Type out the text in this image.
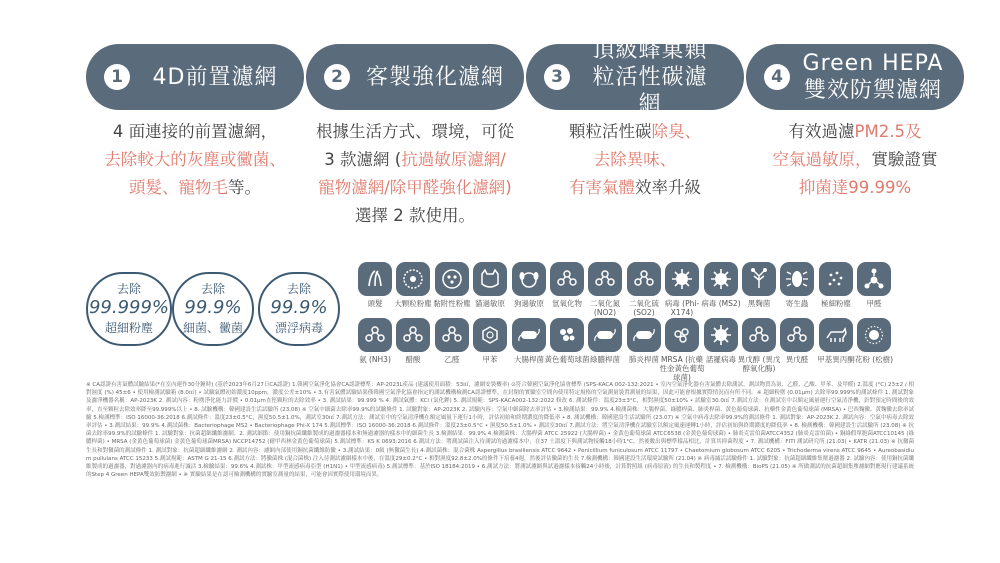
1	4D前置濾網	2	客製強化濾網	3
頂級蜂巢顆粒活性碳濾網
4
Green HEPA雙效防禦濾網
4 面連接的前置濾網，
去除較大的灰塵或黴菌、
頭髮、寵物毛等。
根據生活方式、環境，可從
3 款濾網 (抗過敏原濾網/
寵物濾網/除甲醛強化濾網)
選擇 2 款使用。
顆粒活性碳除臭、
去除異味、
有害氣體效率升級
有效過濾PM2.5及
空氣過敏原，實驗證實
抑菌達99.99%
去除
99.999%
超細粉塵
去除
99.9%
細菌、黴菌
去除
99.9%
漂浮病毒
頭髮	大顆粒粉塵 黏附性粉塵 貓過敏原	狗過敏原	氫氧化物	二氧化氮 (NO2)
二氧化硫 (SO2)
病毒 (Phi-X174)
病毒 (MS2) 黑麴菌	寄生蟲	極細粉塵	甲醛
氨 (NH3)	醋酸	乙醛	甲苯	大腸桿菌 黃色葡萄球菌 綠膿桿菌	肺炎桿菌 MRSA (抗藥性金黃色葡萄球菌)
諾羅病毒 異戊醇 (異戊醇氧化酶)
異戊醛	甲基異丙酮 花粉 (松樹)
※ CA認證有害氣體試驗結果(*在室內運作30分鐘時) (基於2023年6月27日CA認證) 1.韓國空氣淨化協會CA認證標準：AP-2023L產品 (建議使用面積：53㎡，濾網安裝概率) ⊙符合韓國空氣淨化協會標準 (SPS-KACA 002-132:2021 • 室內空氣淨化器有害氣體去除測試，測試物質為氨、乙醛、乙酸、甲苯、及甲醛) 2.溫度 (°C) 23±2 / 相對濕度 (%) 45±6 • 使用檢測試驗箱 (8.0㎥) • 試驗氣體初始濃度10ppm，濃度公差±10% • 3.有害氣體試驗結果僅韓國空氣淨化協會指定的測試機構檢測CA認證標準，在封閉的實驗室空間內使用特定規格的空氣測量裝置測量的結果，因此可能會根據實際情況而有所不同。※ 超細粉塵 (0.01µm) 去除率99.999%的測試條件 1. 測試對象及濾淨機器名稱：AP-2023K 2. 測試內容：粉塵淨化能力評價 • 0.01µm直徑顆粒的去除效率 • 3. 測試結果：99.999 % 4. 測試氣體：KCl (氯化鉀) 5. 測試規範：SPS-KACA002-132:2022 修改 6. 測試條件：溫度23±3°C，相對濕度50±10% • 試驗室30.0㎥ 7.測試方法：在測試室中以額定風量運行空氣清淨機，針對預定時間後的效率，直至顆粒去除效率降至99.999%以上 • 8. 試驗機構：韓國建設生活試驗所 (23.08) ※ 空氣中細菌去除率99.9%的試驗條件 1. 試驗對象：AP-2023K 2. 試驗內容：空氣中細菌除去率評估 • 3.檢測結果：99.9% 4.檢測菌株：大腸桿菌、綠膿桿菌、肺炎桿菌、黃色葡萄球菌、抗藥性金黃色葡萄球菌 (MRSA) • 巴西麴黴、黃麴黴去除率試驗 5.檢測標準：ISO 16000-36:2018 6.測試條件：溫度23±0.5°C，濕度50.5±1.0%，測試室30㎥ 7.測試方法：測試室中的空氣清淨機在額定風量下運行1小時，評估初始和終期濃度的降低率 • 8. 測試機構：韓國建設生活試驗所 (23.07) ※ 空氣中病毒去除率99.9%的測試條件 1. 測試對象：AP-2023K 2. 測試內容：空氣中病毒去除效率評估 • 3.測試結果：99.9% 4.測試菌株：Bacteriophage MS2 • Bacteriophage Phi-X 174 5.測試標準：ISO 16000-36:2018 6.測試條件：溫度23±0.5°C • 濕度50.5±1.0% • 測試室30㎥ 7.測試方法：將空氣清淨機在試驗室以額定風速運轉1小時，評估初始與終期濃度的降低率 • 8. 檢測機構：韓國建設生活試驗所 (23.08) ※ 抗菌去除率99.9%的試驗條件 1. 試驗對象：抗菌超細纖維濾網。2. 測試細節：使用銅抗菌纖維製成的過濾器樣本和無過濾器的樣本中的細菌生長 3.檢測結果：99.9% 4.檢測菌株：大腸桿菌 ATCC 25922 (大腸桿菌) • 金黃色葡萄球菌 ATCC6538 (金黃色葡萄球菌) • 肺炎克雷伯菌ATCC4352 (肺炎克雷伯菌) • 銅綠假單胞菌ATCC10145 (綠膿桿菌) • MRSA (金黃色葡萄球菌) 金黃色葡萄球菌MRSA) NCCP14752 (耐甲西林金黃色葡萄球菌) 5.測試標準：KS K 0693:2016 6.測試方法：將測試菌注入待測試的過濾樣本中，在37 土溫度下與測試物接觸18小時1°C，然後數出與標準樣品相比，計算其抑菌程度 • 7. 測試機構：FITI 測試研究所 (21.03) • KATR (21.03) ※ 抗黴菌生長和對黴菌的測試條件 1. 測試對象：抗菌超細纖維濾網 2. 測試內容：濾網內部使用銅抗菌纖維防黴 • 3.測試結果：0級 (無黴菌生長) 4.測試菌株：混合菌株 Aspergillus brasiliensis ATCC 9642 • Penicillium funiculosum ATCC 11797 • Chaetomium globosum ATCC 6205 • Trichoderma virens ATCC 9645 • Aureobasidium pullulans ATCC 15233 5.測試規範：ASTM G 21-15 6.測試方法：將黴菌株 (混合菌株) 注入待測試濾網樣本中後，在溫度29±0.2°C • 相對濕度92.8±2.0%的條件下培養4週，然後評估黴菌的生長 7.檢測機構：韓國建設生活環境試驗所 (21.04) ※ 病毒滅活試驗條件 1. 試驗對象：抗菌超細纖維集塵過濾器 2. 試驗內容：使用銅抗菌纖維製成的過濾器，對過濾器內的病毒進行滅活 3.檢驗結果：99.6% 4.測試株：甲型流感病毒亞型 (H1N1) • 甲型流感病毒) 5.測試標準：基於ISO 18184:2019 • 6.測試方法：將測試濾網與試過濾樣本接觸24小時後，計算對照組 (病毒原液) 的生長和製程度 • 7. 檢測機構：BioPS (21.05) ※ 所做測試的抗菌超細集塵濾網對應現行建議系統的Step 4 Green HEPA雙效防禦濾網 • ※ 實驗結果是在認可檢測機構的實驗室測量的結果，可能會因實際使用環境而異。
